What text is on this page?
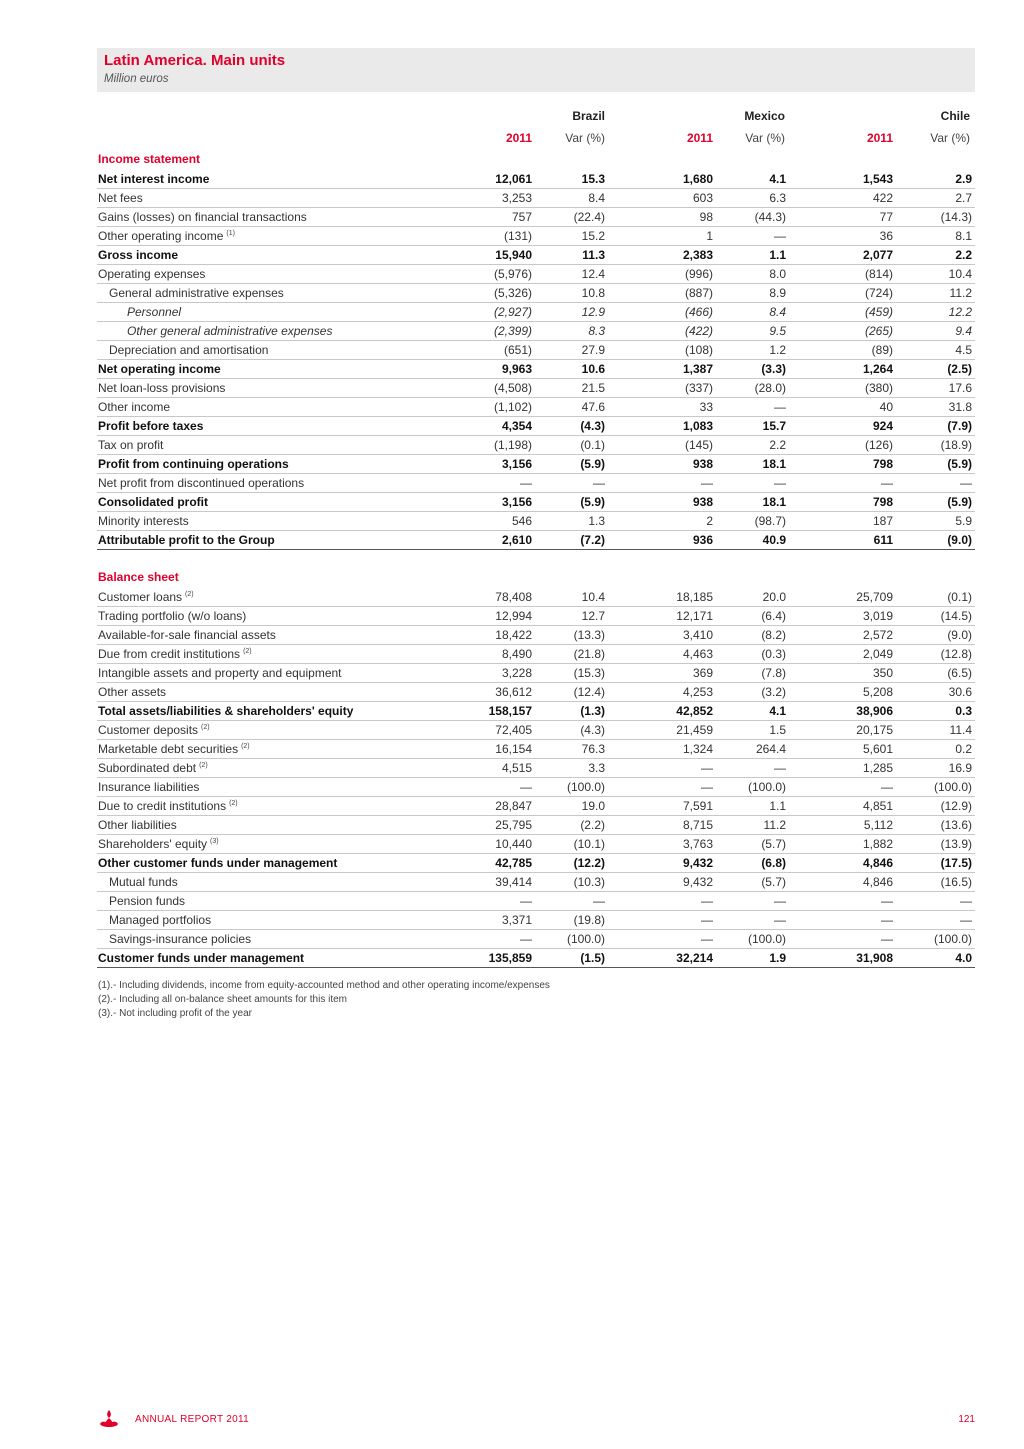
Latin America. Main units
Million euros
Brazil	Mexico	Chile
2011	Var (%)	2011	Var (%)	2011	Var (%)
Income statement
Balance sheet
Net interest income	12,061	15.3	1,680	4.1	1,543	2.9
Net fees	3,253	8.4	603	6.3	422	2.7
Gains (losses) on financial transactions	757	(22.4)	98	(44.3)	77	(14.3)
Other operating income $^{(1)}$	(131)	15.2	1	—	36	8.1
Gross income	15,940	11.3	2,383	1.1	2,077	2.2
Operating expenses	(5,976)	12.4	(996)	8.0	(814)	10.4
General administrative expenses	(5,326)	10.8	(887)	8.9	(724)	11.2
Personnel	(2,927)	12.9	(466)	8.4	(459)	12.2
Other general administrative expenses	(2,399)	8.3	(422)	9.5	(265)	9.4
Depreciation and amortisation	(651)	27.9	(108)	1.2	(89)	4.5
Net operating income	9,963	10.6	1,387	(3.3)	1,264	(2.5)
Net loan-loss provisions	(4,508)	21.5	(337)	(28.0)	(380)	17.6
Other income	(1,102)	47.6	33	—	40	31.8
Profit before taxes	4,354	(4.3)	1,083	15.7	924	(7.9)
Tax on profit	(1,198)	(0.1)	(145)	2.2	(126)	(18.9)
Profit from continuing operations	3,156	(5.9)	938	18.1	798	(5.9)
Net profit from discontinued operations	—	—	—	—	—	—
Consolidated profit	3,156	(5.9)	938	18.1	798	(5.9)
Minority interests	546	1.3	2	(98.7)	187	5.9
Attributable profit to the Group	2,610	(7.2)	936	40.9	611	(9.0)
Customer loans $^{(2)}$	78,408	10.4	18,185	20.0	25,709	(0.1)
Trading portfolio (w/o loans)	12,994	12.7	12,171	(6.4)	3,019	(14.5)
Available-for-sale financial assets	18,422	(13.3)	3,410	(8.2)	2,572	(9.0)
Due from credit institutions $^{(2)}$	8,490	(21.8)	4,463	(0.3)	2,049	(12.8)
Intangible assets and property and equipment	3,228	(15.3)	369	(7.8)	350	(6.5)
Other assets	36,612	(12.4)	4,253	(3.2)	5,208	30.6
Total assets/liabilities & shareholders' equity	158,157	(1.3)	42,852	4.1	38,906	0.3
Customer deposits $^{(2)}$	72,405	(4.3)	21,459	1.5	20,175	11.4
Marketable debt securities $^{(2)}$	16,154	76.3	1,324	264.4	5,601	0.2
Subordinated debt $^{(2)}$	4,515	3.3	—	—	1,285	16.9
Insurance liabilities	—	(100.0)	—	(100.0)	—	(100.0)
Due to credit institutions $^{(2)}$	28,847	19.0	7,591	1.1	4,851	(12.9)
Other liabilities	25,795	(2.2)	8,715	11.2	5,112	(13.6)
Shareholders' equity $^{(3)}$	10,440	(10.1)	3,763	(5.7)	1,882	(13.9)
Other customer funds under management	42,785	(12.2)	9,432	(6.8)	4,846	(17.5)
Mutual funds	39,414	(10.3)	9,432	(5.7)	4,846	(16.5)
Pension funds	—	—	—	—	—	—
Managed portfolios	3,371	(19.8)	—	—	—	—
Savings-insurance policies	—	(100.0)	—	(100.0)	—	(100.0)
Customer funds under management	135,859	(1.5)	32,214	1.9	31,908	4.0
(1).- Including dividends, income from equity-accounted method and other operating income/expenses
(2).- Including all on-balance sheet amounts for this item
(3).- Not including profit of the year
ANNUAL REPORT 2011	121
